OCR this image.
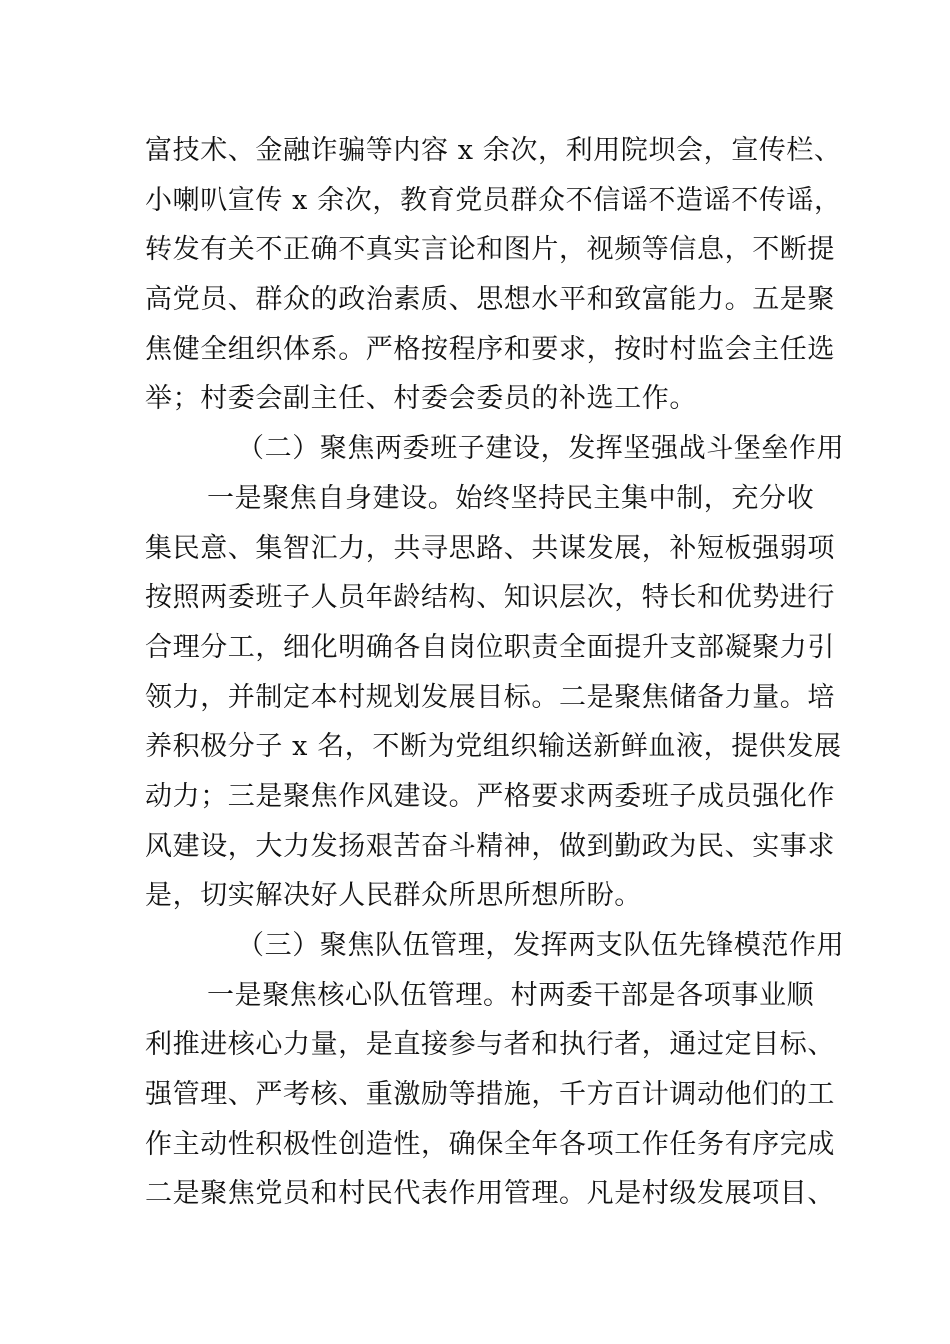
富技术、金融诈骗等内容 x 余次，利用院坝会，宣传栏、
小喇叭宣传 x 余次，教育党员群众不信谣不造谣不传谣，
转发有关不正确不真实言论和图片，视频等信息，不断提
高党员、群众的政治素质、思想水平和致富能力。五是聚
焦健全组织体系。严格按程序和要求，按时村监会主任选
举；村委会副主任、村委会委员的补选工作。
（二）聚焦两委班子建设，发挥坚强战斗堡垒作用
一是聚焦自身建设。始终坚持民主集中制，充分收
集民意、集智汇力，共寻思路、共谋发展，补短板强弱项
按照两委班子人员年龄结构、知识层次，特长和优势进行
合理分工，细化明确各自岗位职责全面提升支部凝聚力引
领力，并制定本村规划发展目标。二是聚焦储备力量。培
养积极分子 x 名，不断为党组织输送新鲜血液，提供发展
动力；三是聚焦作风建设。严格要求两委班子成员强化作
风建设，大力发扬艰苦奋斗精神，做到勤政为民、实事求
是，切实解决好人民群众所思所想所盼。
（三）聚焦队伍管理，发挥两支队伍先锋模范作用
一是聚焦核心队伍管理。村两委干部是各项事业顺
利推进核心力量，是直接参与者和执行者，通过定目标、
强管理、严考核、重激励等措施，千方百计调动他们的工
作主动性积极性创造性，确保全年各项工作任务有序完成
二是聚焦党员和村民代表作用管理。凡是村级发展项目、
